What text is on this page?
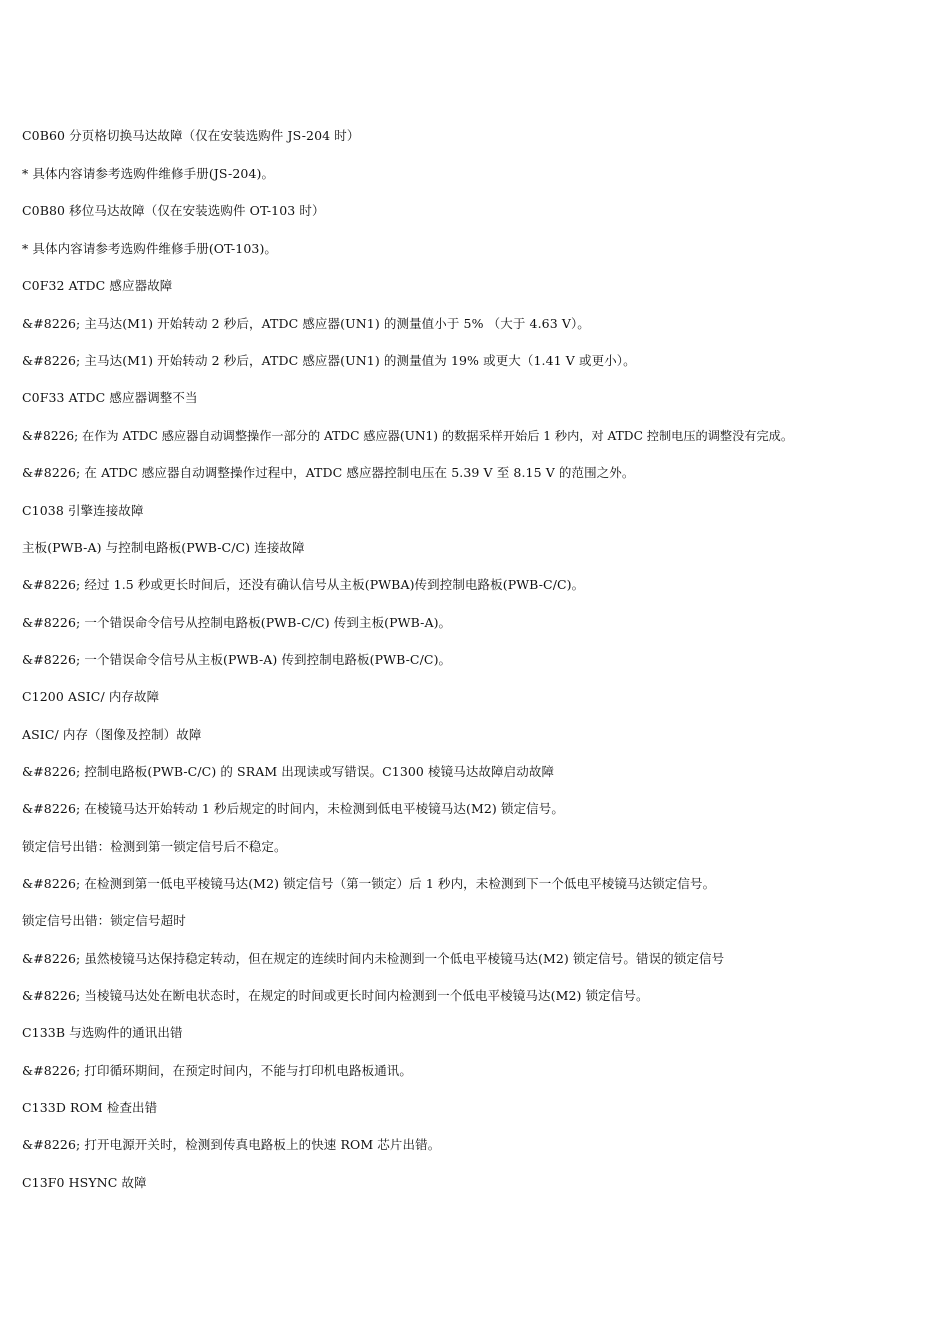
C0B60 分页格切换马达故障（仅在安装选购件 JS-204 时）
* 具体内容请参考选购件维修手册(JS-204)。
C0B80 移位马达故障（仅在安装选购件 OT-103 时）
* 具体内容请参考选购件维修手册(OT-103)。
C0F32 ATDC 感应器故障
&#8226; 主马达(M1) 开始转动 2 秒后，ATDC 感应器(UN1) 的测量值小于 5% （大于 4.63 V）。
&#8226; 主马达(M1) 开始转动 2 秒后，ATDC 感应器(UN1) 的测量值为 19% 或更大（1.41 V 或更小）。
C0F33 ATDC 感应器调整不当
&#8226; 在作为 ATDC 感应器自动调整操作一部分的 ATDC 感应器(UN1) 的数据采样开始后 1 秒内，对 ATDC 控制电压的调整没有完成。
&#8226; 在 ATDC 感应器自动调整操作过程中，ATDC 感应器控制电压在 5.39 V 至 8.15 V 的范围之外。
C1038 引擎连接故障
主板(PWB-A) 与控制电路板(PWB-C/C) 连接故障
&#8226; 经过 1.5 秒或更长时间后，还没有确认信号从主板(PWBA)传到控制电路板(PWB-C/C)。
&#8226; 一个错误命令信号从控制电路板(PWB-C/C) 传到主板(PWB-A)。
&#8226; 一个错误命令信号从主板(PWB-A) 传到控制电路板(PWB-C/C)。
C1200 ASIC/ 内存故障
ASIC/ 内存（图像及控制）故障
&#8226; 控制电路板(PWB-C/C) 的 SRAM 出现读或写错误。C1300 棱镜马达故障启动故障
&#8226; 在棱镜马达开始转动 1 秒后规定的时间内，未检测到低电平棱镜马达(M2) 锁定信号。
锁定信号出错：检测到第一锁定信号后不稳定。
&#8226; 在检测到第一低电平棱镜马达(M2) 锁定信号（第一锁定）后 1 秒内，未检测到下一个低电平棱镜马达锁定信号。
锁定信号出错：锁定信号超时
&#8226; 虽然棱镜马达保持稳定转动，但在规定的连续时间内未检测到一个低电平棱镜马达(M2) 锁定信号。错误的锁定信号
&#8226; 当棱镜马达处在断电状态时，在规定的时间或更长时间内检测到一个低电平棱镜马达(M2) 锁定信号。
C133B 与选购件的通讯出错
&#8226; 打印循环期间，在预定时间内，不能与打印机电路板通讯。
C133D ROM 检查出错
&#8226; 打开电源开关时，检测到传真电路板上的快速 ROM 芯片出错。
C13F0 HSYNC 故障
